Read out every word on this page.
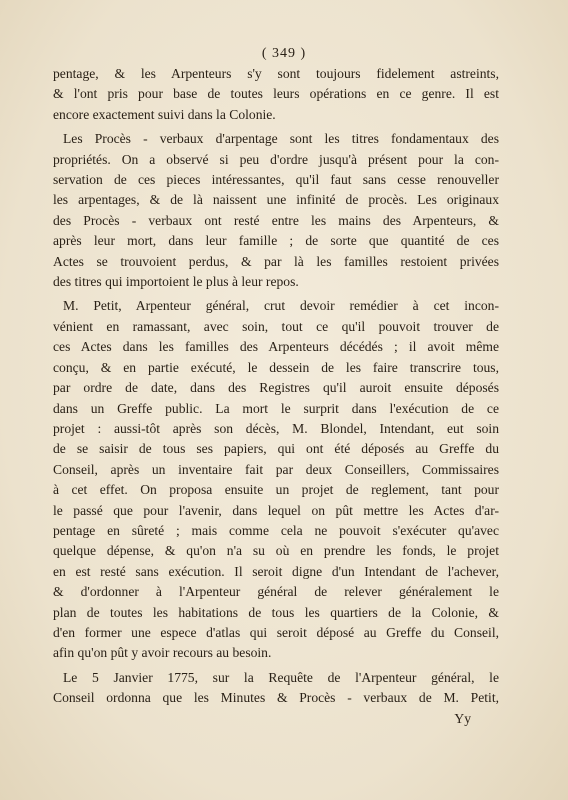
( 349 )
pentage, & les Arpenteurs s'y sont toujours fidelement astreints,
& l'ont pris pour base de toutes leurs opérations en ce genre. Il est
encore exactement suivi dans la Colonie.
Les Procès - verbaux d'arpentage sont les titres fondamentaux des
propriétés. On a observé si peu d'ordre jusqu'à présent pour la con-
servation de ces pieces intéressantes, qu'il faut sans cesse renouveller
les arpentages, & de là naissent une infinité de procès. Les originaux
des Procès - verbaux ont resté entre les mains des Arpenteurs, &
après leur mort, dans leur famille ; de sorte que quantité de ces
Actes se trouvoient perdus, & par là les familles restoient privées
des titres qui importoient le plus à leur repos.
M. Petit, Arpenteur général, crut devoir remédier à cet incon-
vénient en ramassant, avec soin, tout ce qu'il pouvoit trouver de
ces Actes dans les familles des Arpenteurs décédés ; il avoit même
conçu, & en partie exécuté, le dessein de les faire transcrire tous,
par ordre de date, dans des Registres qu'il auroit ensuite déposés
dans un Greffe public. La mort le surprit dans l'exécution de ce
projet : aussi-tôt après son décès, M. Blondel, Intendant, eut soin
de se saisir de tous ses papiers, qui ont été déposés au Greffe du
Conseil, après un inventaire fait par deux Conseillers, Commissaires
à cet effet. On proposa ensuite un projet de reglement, tant pour
le passé que pour l'avenir, dans lequel on pût mettre les Actes d'ar-
pentage en sûreté ; mais comme cela ne pouvoit s'exécuter qu'avec
quelque dépense, & qu'on n'a su où en prendre les fonds, le projet
en est resté sans exécution. Il seroit digne d'un Intendant de l'achever,
& d'ordonner à l'Arpenteur général de relever généralement le
plan de toutes les habitations de tous les quartiers de la Colonie, &
d'en former une espece d'atlas qui seroit déposé au Greffe du Conseil,
afin qu'on pût y avoir recours au besoin.
Le 5 Janvier 1775, sur la Requête de l'Arpenteur général, le
Conseil ordonna que les Minutes & Procès - verbaux de M. Petit,
Yy
